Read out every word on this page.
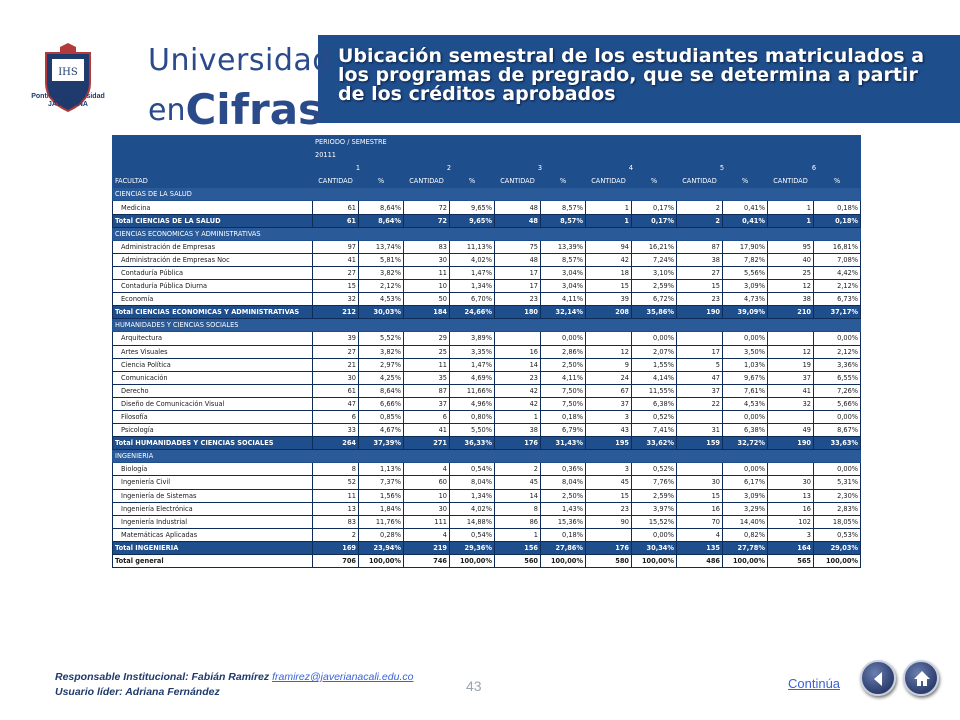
IHS
Pontificia Universidad JAVERIANA
Universidad
enCifras
Ubicación semestral de los estudiantes matriculados a los programas de pregrado, que se determina a partir de los créditos aprobados
	PERIODO / SEMESTRE											
	20111											
	1		2		3		4		5		6	
FACULTAD	CANTIDAD	%	CANTIDAD	%	CANTIDAD	%	CANTIDAD	%	CANTIDAD	%	CANTIDAD	%
CIENCIAS DE LA SALUD												
Medicina	61	8,64%	72	9,65%	48	8,57%	1	0,17%	2	0,41%	1	0,18%
Total CIENCIAS DE LA SALUD	61	8,64%	72	9,65%	48	8,57%	1	0,17%	2	0,41%	1	0,18%
CIENCIAS ECONOMICAS Y ADMINISTRATIVAS												
Administración de Empresas	97	13,74%	83	11,13%	75	13,39%	94	16,21%	87	17,90%	95	16,81%
Administración de Empresas Noc	41	5,81%	30	4,02%	48	8,57%	42	7,24%	38	7,82%	40	7,08%
Contaduría Pública	27	3,82%	11	1,47%	17	3,04%	18	3,10%	27	5,56%	25	4,42%
Contaduría Pública Diurna	15	2,12%	10	1,34%	17	3,04%	15	2,59%	15	3,09%	12	2,12%
Economía	32	4,53%	50	6,70%	23	4,11%	39	6,72%	23	4,73%	38	6,73%
Total CIENCIAS ECONOMICAS Y ADMINISTRATIVAS	212	30,03%	184	24,66%	180	32,14%	208	35,86%	190	39,09%	210	37,17%
HUMANIDADES Y CIENCIAS SOCIALES												
Arquitectura	39	5,52%	29	3,89%		0,00%		0,00%		0,00%		0,00%
Artes Visuales	27	3,82%	25	3,35%	16	2,86%	12	2,07%	17	3,50%	12	2,12%
Ciencia Política	21	2,97%	11	1,47%	14	2,50%	9	1,55%	5	1,03%	19	3,36%
Comunicación	30	4,25%	35	4,69%	23	4,11%	24	4,14%	47	9,67%	37	6,55%
Derecho	61	8,64%	87	11,66%	42	7,50%	67	11,55%	37	7,61%	41	7,26%
Diseño de Comunicación Visual	47	6,66%	37	4,96%	42	7,50%	37	6,38%	22	4,53%	32	5,66%
Filosofía	6	0,85%	6	0,80%	1	0,18%	3	0,52%		0,00%		0,00%
Psicología	33	4,67%	41	5,50%	38	6,79%	43	7,41%	31	6,38%	49	8,67%
Total HUMANIDADES Y CIENCIAS SOCIALES	264	37,39%	271	36,33%	176	31,43%	195	33,62%	159	32,72%	190	33,63%
INGENIERIA												
Biología	8	1,13%	4	0,54%	2	0,36%	3	0,52%		0,00%		0,00%
Ingeniería Civil	52	7,37%	60	8,04%	45	8,04%	45	7,76%	30	6,17%	30	5,31%
Ingeniería de Sistemas	11	1,56%	10	1,34%	14	2,50%	15	2,59%	15	3,09%	13	2,30%
Ingeniería Electrónica	13	1,84%	30	4,02%	8	1,43%	23	3,97%	16	3,29%	16	2,83%
Ingeniería Industrial	83	11,76%	111	14,88%	86	15,36%	90	15,52%	70	14,40%	102	18,05%
Matemáticas Aplicadas	2	0,28%	4	0,54%	1	0,18%		0,00%	4	0,82%	3	0,53%
Total INGENIERIA	169	23,94%	219	29,36%	156	27,86%	176	30,34%	135	27,78%	164	29,03%
Total general	706	100,00%	746	100,00%	560	100,00%	580	100,00%	486	100,00%	565	100,00%
Responsable Institucional: Fabián Ramírez framirez@javerianacali.edu.co
Usuario líder: Adriana Fernández	43	Continúa
